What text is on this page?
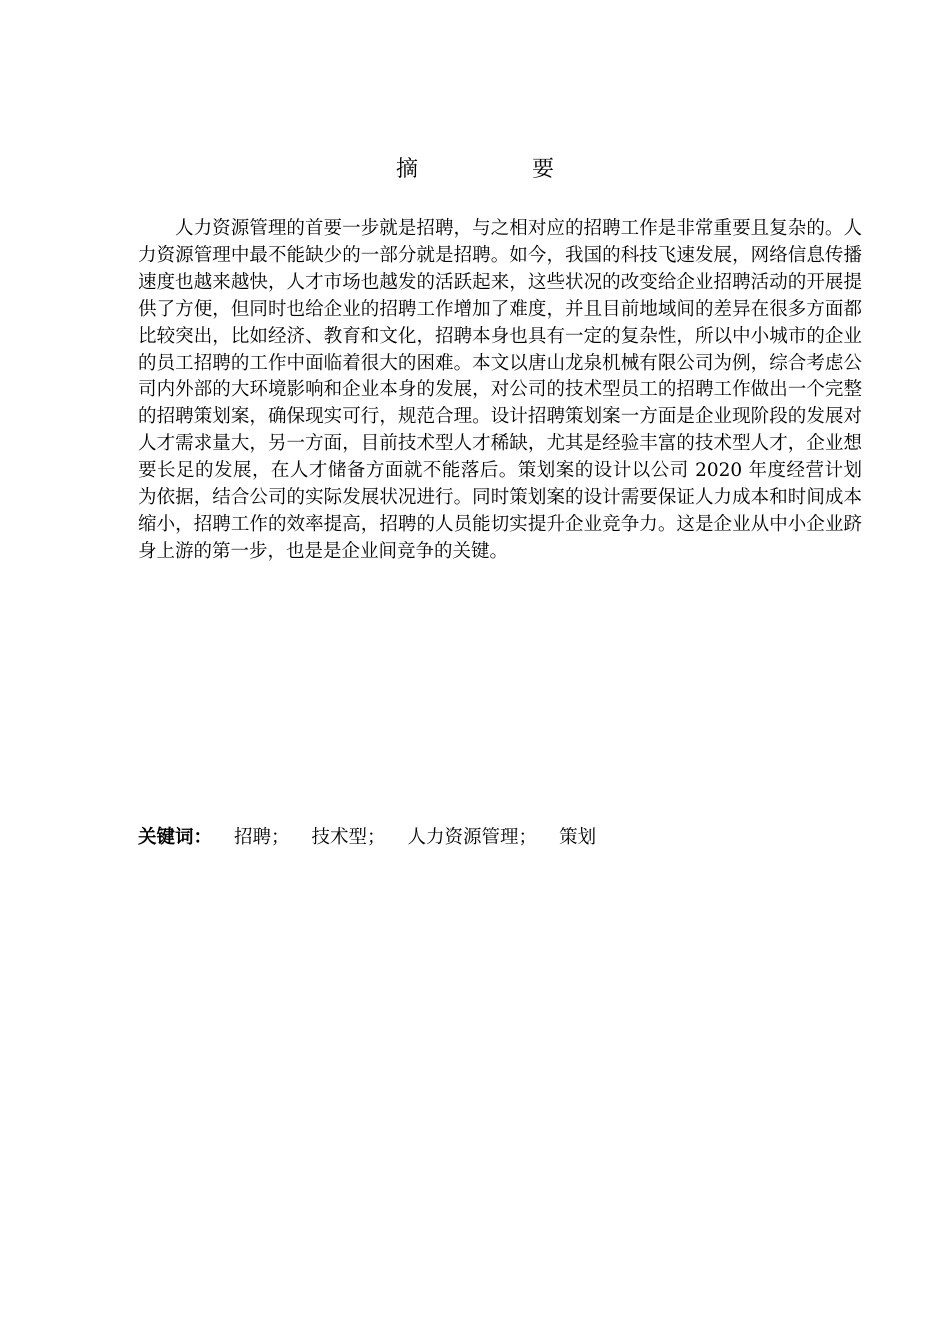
摘　要

人力资源管理的首要一步就是招聘，与之相对应的招聘工作是非常重要且复杂的。人力资源管理中最不能缺少的一部分就是招聘。如今，我国的科技飞速发展，网络信息传播速度也越来越快，人才市场也越发的活跃起来，这些状况的改变给企业招聘活动的开展提供了方便，但同时也给企业的招聘工作增加了难度，并且目前地域间的差异在很多方面都比较突出，比如经济、教育和文化，招聘本身也具有一定的复杂性，所以中小城市的企业的员工招聘的工作中面临着很大的困难。本文以唐山龙泉机械有限公司为例，综合考虑公司内外部的大环境影响和企业本身的发展，对公司的技术型员工的招聘工作做出一个完整的招聘策划案，确保现实可行，规范合理。设计招聘策划案一方面是企业现阶段的发展对人才需求量大，另一方面，目前技术型人才稀缺，尤其是经验丰富的技术型人才，企业想要长足的发展，在人才储备方面就不能落后。策划案的设计以公司 2020 年度经营计划为依据，结合公司的实际发展状况进行。同时策划案的设计需要保证人力成本和时间成本缩小，招聘工作的效率提高，招聘的人员能切实提升企业竞争力。这是企业从中小企业跻身上游的第一步，也是是企业间竞争的关键。

关键词： 招聘； 技术型； 人力资源管理； 策划
